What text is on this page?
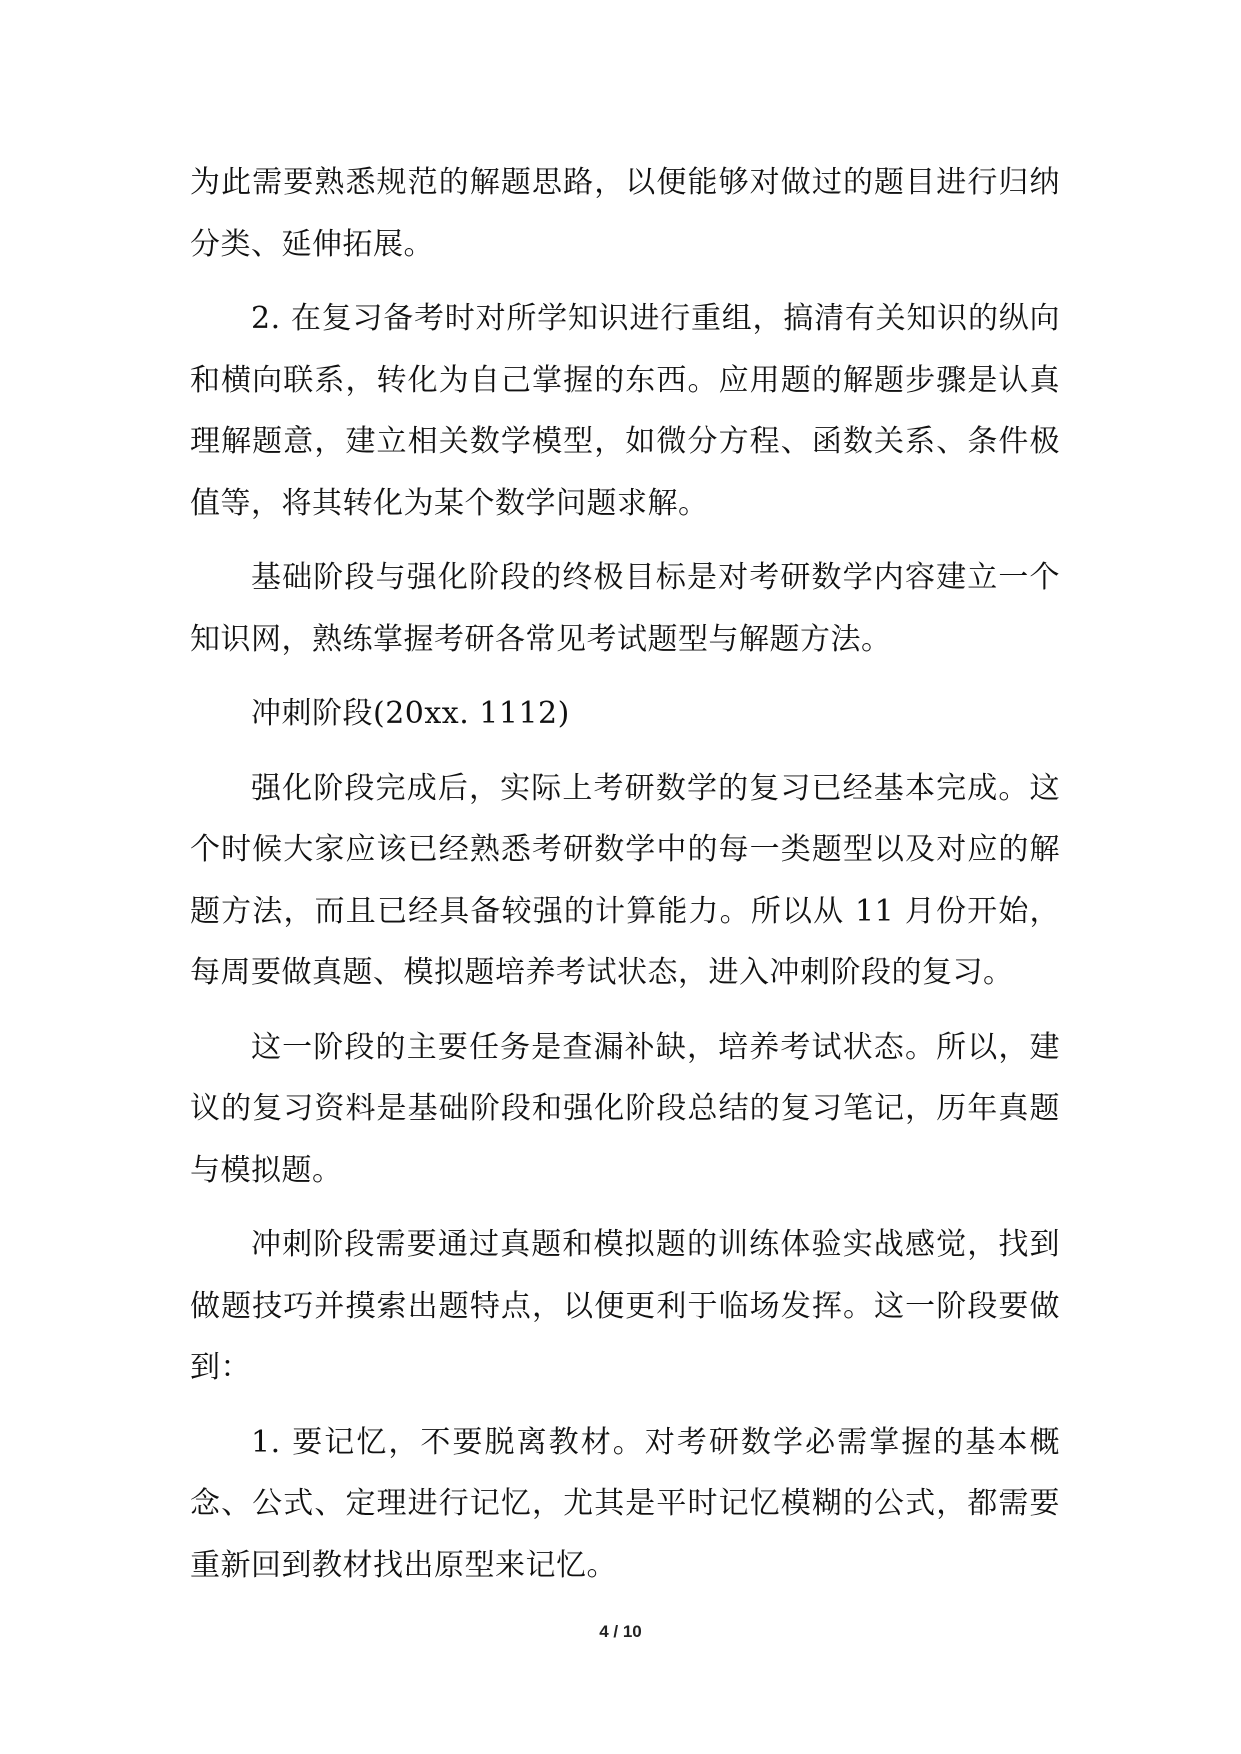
为此需要熟悉规范的解题思路，以便能够对做过的题目进行归纳分类、延伸拓展。

2. 在复习备考时对所学知识进行重组，搞清有关知识的纵向和横向联系，转化为自己掌握的东西。应用题的解题步骤是认真理解题意，建立相关数学模型，如微分方程、函数关系、条件极值等，将其转化为某个数学问题求解。

基础阶段与强化阶段的终极目标是对考研数学内容建立一个知识网，熟练掌握考研各常见考试题型与解题方法。

冲刺阶段(20xx. 1112)

强化阶段完成后，实际上考研数学的复习已经基本完成。这个时候大家应该已经熟悉考研数学中的每一类题型以及对应的解题方法，而且已经具备较强的计算能力。所以从 11 月份开始，每周要做真题、模拟题培养考试状态，进入冲刺阶段的复习。

这一阶段的主要任务是查漏补缺，培养考试状态。所以，建议的复习资料是基础阶段和强化阶段总结的复习笔记，历年真题与模拟题。

冲刺阶段需要通过真题和模拟题的训练体验实战感觉，找到做题技巧并摸索出题特点，以便更利于临场发挥。这一阶段要做到：

1. 要记忆，不要脱离教材。对考研数学必需掌握的基本概念、公式、定理进行记忆，尤其是平时记忆模糊的公式，都需要重新回到教材找出原型来记忆。

4 / 10
